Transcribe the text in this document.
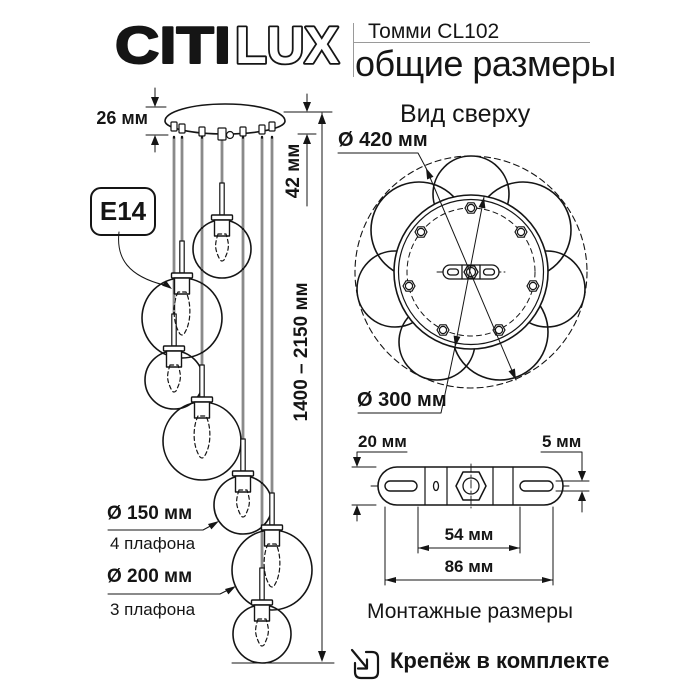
CITI LUX Томми CL102
общие размеры
26 мм
E14
42 мм
1400 – 2150 мм
Ø 150 мм
4 плафона
Ø 200 мм
3 плафона
Вид сверху
Ø 420 мм
Ø 300 мм
20 мм	5 мм
54 мм
86 мм
Монтажные размеры
Крепёж в комплекте
